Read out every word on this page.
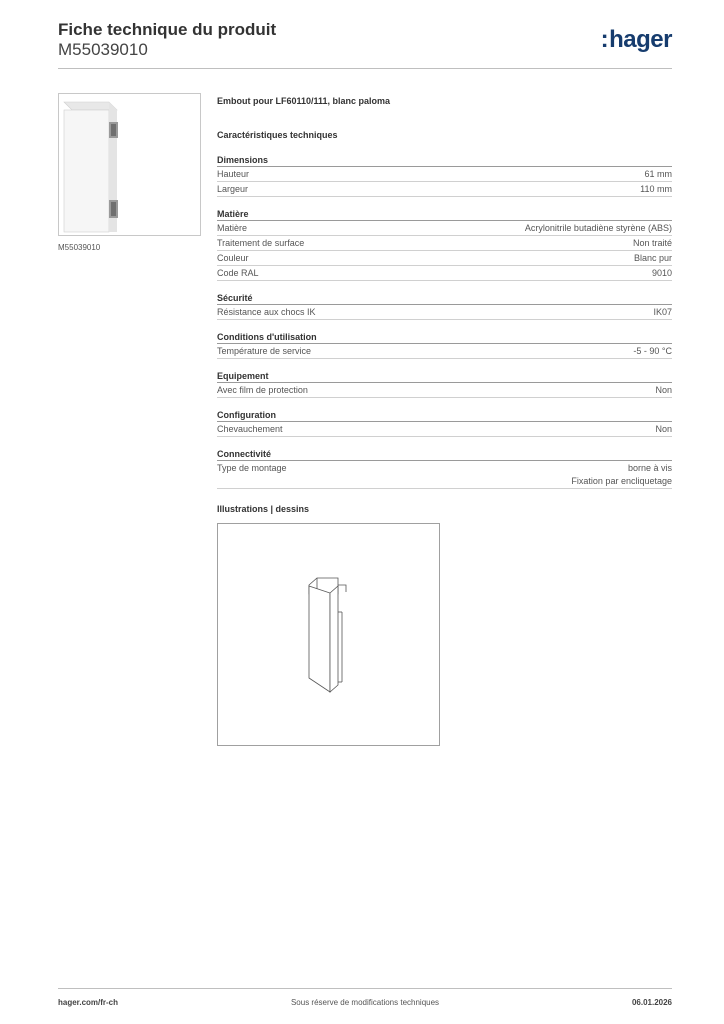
Fiche technique du produit
M55039010	:hager
M55039010
Embout pour LF60110/111, blanc paloma
Caractéristiques techniques
Dimensions
Hauteur	61 mm
Largeur	110 mm
Matière
Matière	Acrylonitrile butadiène styrène (ABS)
Traitement de surface	Non traité
Couleur	Blanc pur
Code RAL	9010
Sécurité
Résistance aux chocs IK	IK07
Conditions d'utilisation
Température de service	-5 - 90 °C
Equipement
Avec film de protection	Non
Configuration
Chevauchement	Non
Connectivité
Type de montage	borne à vis
Fixation par encliquetage
Illustrations | dessins
hager.com/fr-ch	Sous réserve de modifications techniques	06.01.2026
